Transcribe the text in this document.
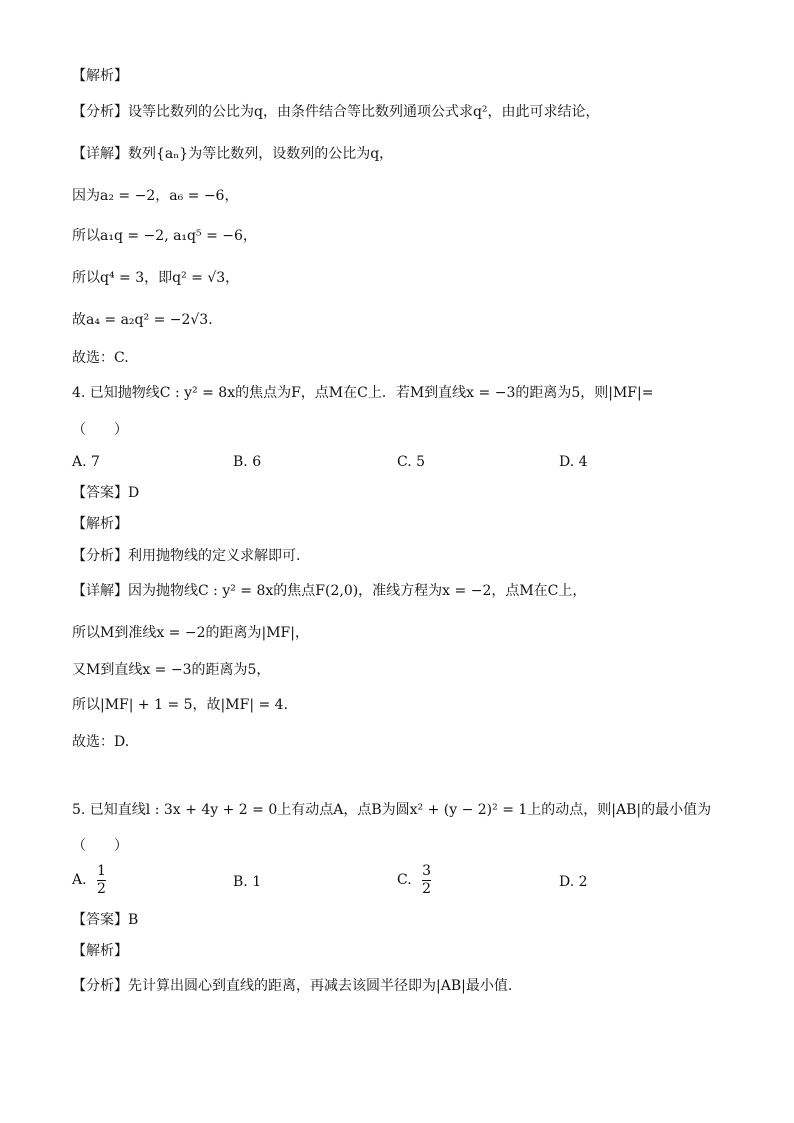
【解析】
【分析】设等比数列的公比为q，由条件结合等比数列通项公式求q²，由此可求结论，
【详解】数列{aₙ}为等比数列，设数列的公比为q，
因为a₂ = −2，a₆ = −6，
所以a₁q = −2, a₁q⁵ = −6，
所以q⁴ = 3，即q² = √3，
故a₄ = a₂q² = −2√3.
故选：C.
4. 已知抛物线C : y² = 8x的焦点为F，点M在C上．若M到直线x = −3的距离为5，则|MF|=
（　　）
A. 7	B. 6	C. 5	D. 4
【答案】D
【解析】
【分析】利用抛物线的定义求解即可.
【详解】因为抛物线C : y² = 8x的焦点F(2,0)，准线方程为x = −2，点M在C上，
所以M到准线x = −2的距离为|MF|，
又M到直线x = −3的距离为5，
所以|MF| + 1 = 5，故|MF| = 4.
故选：D.
5. 已知直线l : 3x + 4y + 2 = 0上有动点A，点B为圆x² + (y − 2)² = 1上的动点，则|AB|的最小值为
（　　）
A. $\frac{1}{2}$	B. 1	C. $\frac{3}{2}$	D. 2
【答案】B
【解析】
【分析】先计算出圆心到直线的距离，再减去该圆半径即为|AB|最小值.
